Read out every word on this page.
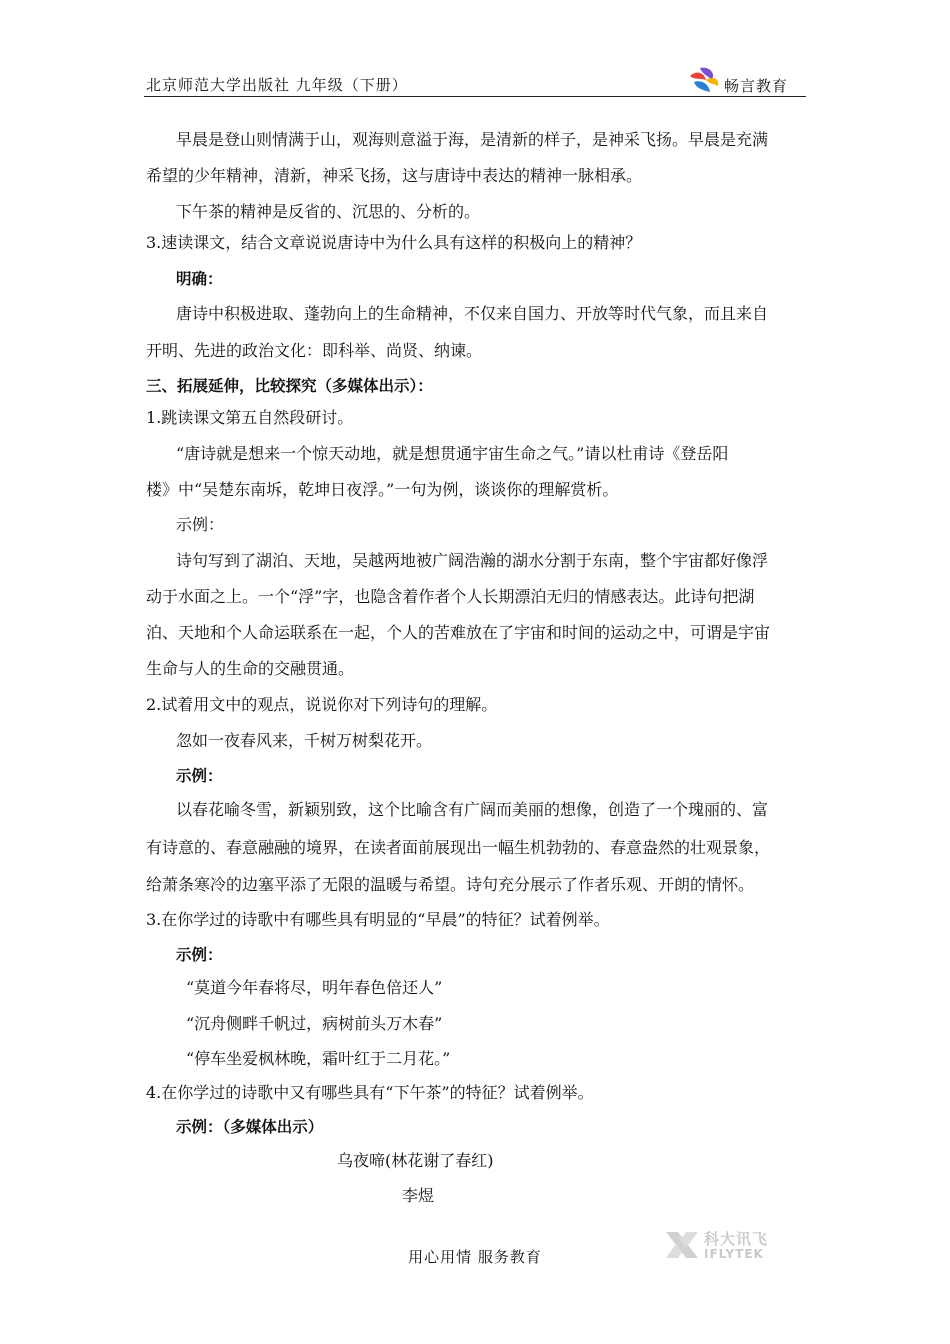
北京师范大学出版社 九年级（下册）	畅言教育
早晨是登山则情满于山，观海则意溢于海，是清新的样子，是神采飞扬。早晨是充满
希望的少年精神，清新，神采飞扬，这与唐诗中表达的精神一脉相承。
下午茶的精神是反省的、沉思的、分析的。
3.速读课文，结合文章说说唐诗中为什么具有这样的积极向上的精神？
明确：
唐诗中积极进取、蓬勃向上的生命精神，不仅来自国力、开放等时代气象，而且来自
开明、先进的政治文化：即科举、尚贤、纳谏。
三、拓展延伸，比较探究（多媒体出示）：
1.跳读课文第五自然段研讨。
“唐诗就是想来一个惊天动地，就是想贯通宇宙生命之气。”请以杜甫诗《登岳阳
楼》中“吴楚东南坼，乾坤日夜浮。”一句为例，谈谈你的理解赏析。
示例：
诗句写到了湖泊、天地，吴越两地被广阔浩瀚的湖水分割于东南，整个宇宙都好像浮
动于水面之上。一个“浮”字，也隐含着作者个人长期漂泊无归的情感表达。此诗句把湖
泊、天地和个人命运联系在一起，个人的苦难放在了宇宙和时间的运动之中，可谓是宇宙
生命与人的生命的交融贯通。
2.试着用文中的观点，说说你对下列诗句的理解。
忽如一夜春风来，千树万树梨花开。
示例：
以春花喻冬雪，新颖别致，这个比喻含有广阔而美丽的想像，创造了一个瑰丽的、富
有诗意的、春意融融的境界，在读者面前展现出一幅生机勃勃的、春意盎然的壮观景象，
给萧条寒冷的边塞平添了无限的温暖与希望。诗句充分展示了作者乐观、开朗的情怀。
3.在你学过的诗歌中有哪些具有明显的“早晨”的特征？试着例举。
示例：
“莫道今年春将尽，明年春色倍还人”
“沉舟侧畔千帆过，病树前头万木春”
“停车坐爱枫林晚，霜叶红于二月花。”
4.在你学过的诗歌中又有哪些具有“下午茶”的特征？试着例举。
示例：（多媒体出示）
乌夜啼(林花谢了春红)
李煜
科大讯飞
IFLYTEK
用心用情 服务教育
